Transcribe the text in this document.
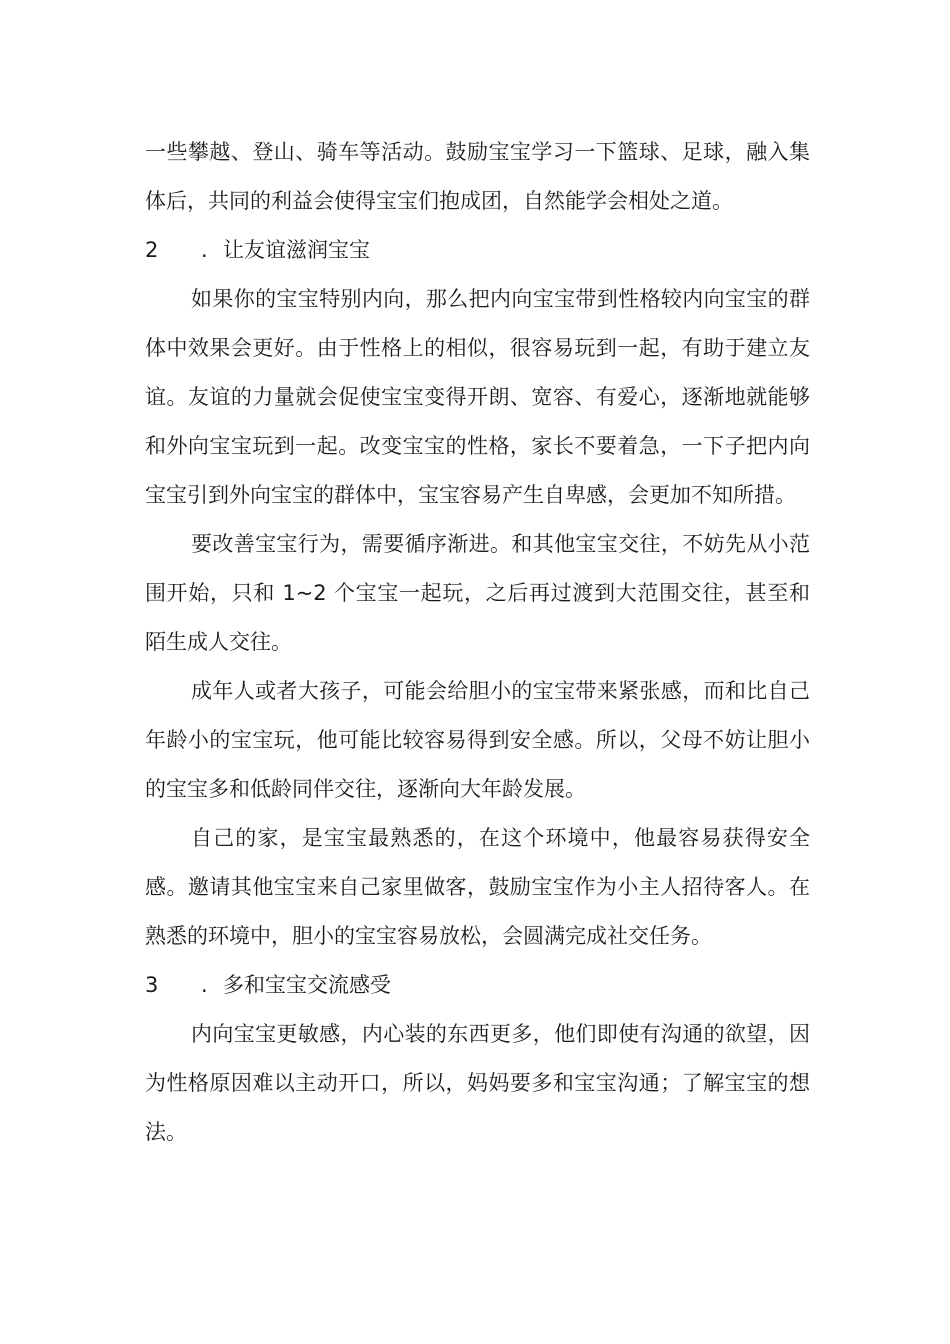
一些攀越、登山、骑车等活动。鼓励宝宝学习一下篮球、足球，融入集体后，共同的利益会使得宝宝们抱成团，自然能学会相处之道。

2	. 让友谊滋润宝宝

如果你的宝宝特别内向，那么把内向宝宝带到性格较内向宝宝的群体中效果会更好。由于性格上的相似，很容易玩到一起，有助于建立友谊。友谊的力量就会促使宝宝变得开朗、宽容、有爱心，逐渐地就能够和外向宝宝玩到一起。改变宝宝的性格，家长不要着急，一下子把内向宝宝引到外向宝宝的群体中，宝宝容易产生自卑感，会更加不知所措。

要改善宝宝行为，需要循序渐进。和其他宝宝交往，不妨先从小范围开始，只和 1~2 个宝宝一起玩，之后再过渡到大范围交往，甚至和陌生成人交往。

成年人或者大孩子，可能会给胆小的宝宝带来紧张感，而和比自己年龄小的宝宝玩，他可能比较容易得到安全感。所以，父母不妨让胆小的宝宝多和低龄同伴交往，逐渐向大年龄发展。

自己的家，是宝宝最熟悉的，在这个环境中，他最容易获得安全感。邀请其他宝宝来自己家里做客，鼓励宝宝作为小主人招待客人。在熟悉的环境中，胆小的宝宝容易放松，会圆满完成社交任务。

3	. 多和宝宝交流感受

内向宝宝更敏感，内心装的东西更多，他们即使有沟通的欲望，因为性格原因难以主动开口，所以，妈妈要多和宝宝沟通；了解宝宝的想法。
